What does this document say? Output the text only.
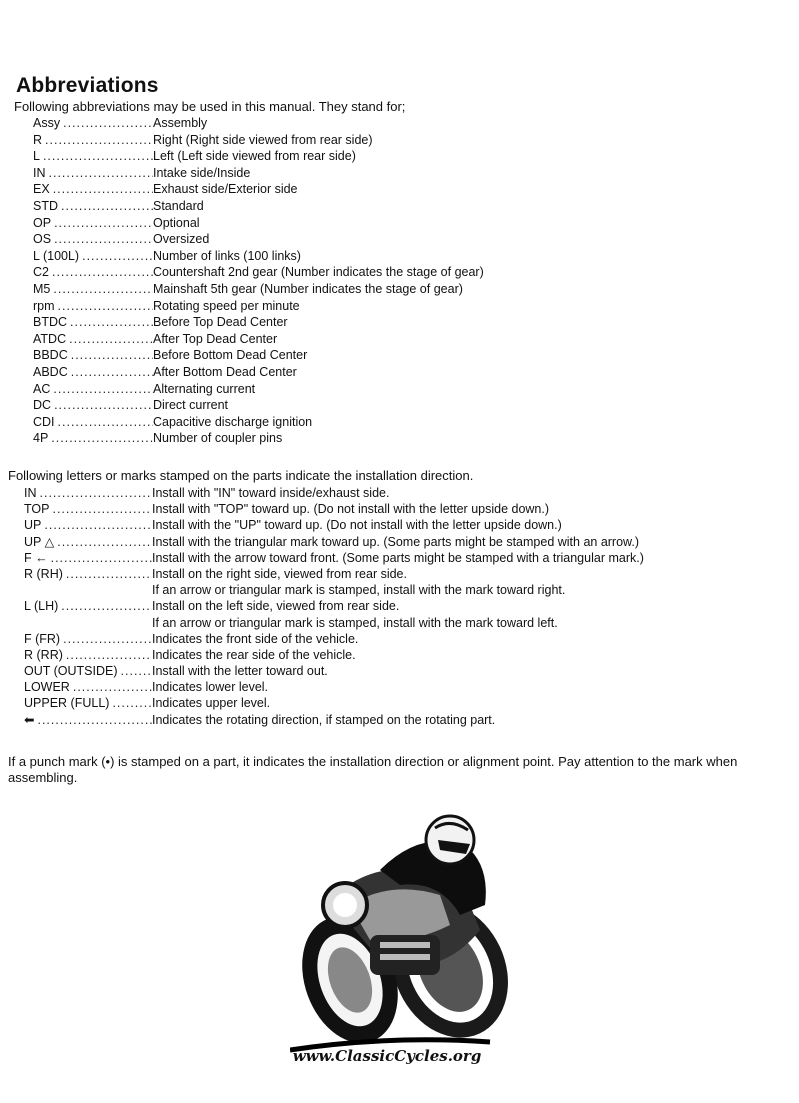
Abbreviations
Following abbreviations may be used in this manual. They stand for;
Assy .....	Assembly
R .....	Right (Right side viewed from rear side)
L .....	Left (Left side viewed from rear side)
IN .....	Intake side/Inside
EX .....	Exhaust side/Exterior side
STD .....	Standard
OP .....	Optional
OS .....	Oversized
L (100L) .....	Number of links (100 links)
C2 .....	Countershaft 2nd gear (Number indicates the stage of gear)
M5 .....	Mainshaft 5th gear (Number indicates the stage of gear)
rpm .....	Rotating speed per minute
BTDC .....	Before Top Dead Center
ATDC .....	After Top Dead Center
BBDC .....	Before Bottom Dead Center
ABDC .....	After Bottom Dead Center
AC .....	Alternating current
DC .....	Direct current
CDI .....	Capacitive discharge ignition
4P .....	Number of coupler pins
Following letters or marks stamped on the parts indicate the installation direction.
IN .....	Install with "IN" toward inside/exhaust side.
TOP .....	Install with "TOP" toward up. (Do not install with the letter upside down.)
UP .....	Install with the "UP" toward up. (Do not install with the letter upside down.)
UP △ .....	Install with the triangular mark toward up. (Some parts might be stamped with an arrow.)
F ← .....	Install with the arrow toward front. (Some parts might be stamped with a triangular mark.)
R (RH) .....	Install on the right side, viewed from rear side.
If an arrow or triangular mark is stamped, install with the mark toward right.
L (LH) .....	Install on the left side, viewed from rear side.
If an arrow or triangular mark is stamped, install with the mark toward left.
F (FR) .....	Indicates the front side of the vehicle.
R (RR) .....	Indicates the rear side of the vehicle.
OUT (OUTSIDE) .....	Install with the letter toward out.
LOWER .....	Indicates lower level.
UPPER (FULL) .....	Indicates upper level.
⬅ .....	Indicates the rotating direction, if stamped on the rotating part.
If a punch mark (•) is stamped on a part, it indicates the installation direction or alignment point. Pay attention to the mark when assembling.
www.ClassicCycles.org
